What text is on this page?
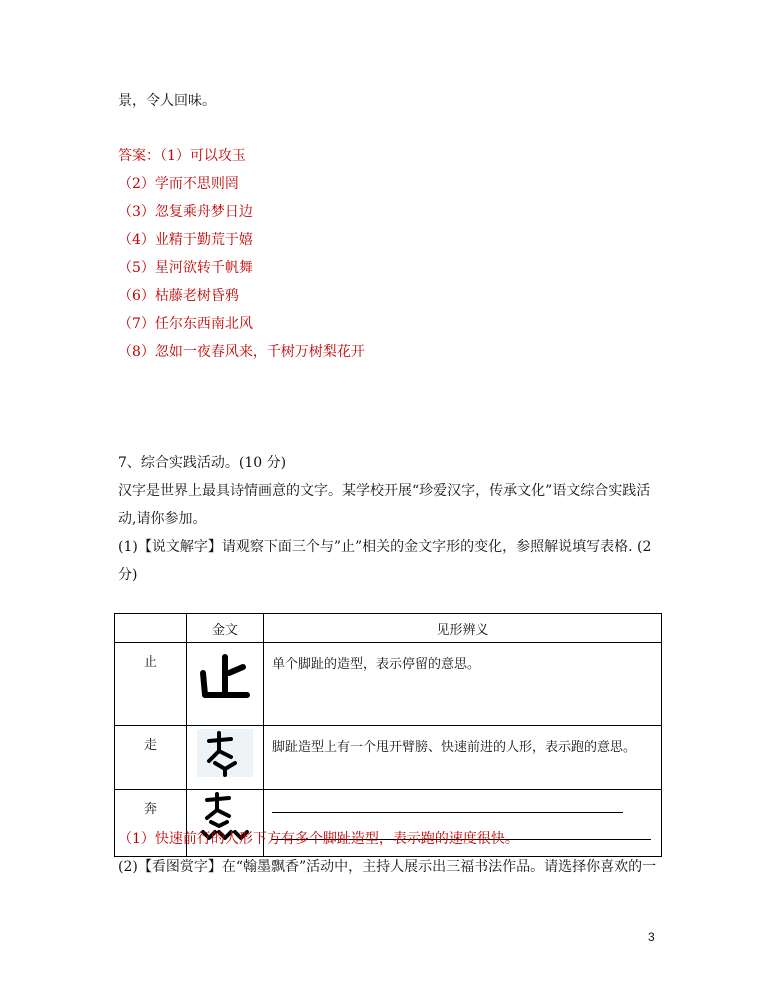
景，令人回味。
答案：（1）可以攻玉
（2）学而不思则罔
（3）忽复乘舟梦日边
（4）业精于勤荒于嬉
（5）星河欲转千帆舞
（6）枯藤老树昏鸦
（7）任尔东西南北风
（8）忽如一夜春风来，千树万树梨花开
7、综合实践活动。(10 分)
汉字是世界上最具诗情画意的文字。某学校开展“珍爱汉字，传承文化”语文综合实践活
动,请你参加。
(1)【说文解字】请观察下面三个与”止”相关的金文字形的变化，参照解说填写表格. (2
分)
	金文	见形辨义
止		单个脚趾的造型，表示停留的意思。
走		脚趾造型上有一个甩开臂膀、快速前进的人形，表示跑的意思。
奔	

（1）快速前行的人形下方有多个脚趾造型，表示跑的速度很快。
(2)【看图赏字】在“翰墨飘香”活动中，主持人展示出三福书法作品。请选择你喜欢的一
3
